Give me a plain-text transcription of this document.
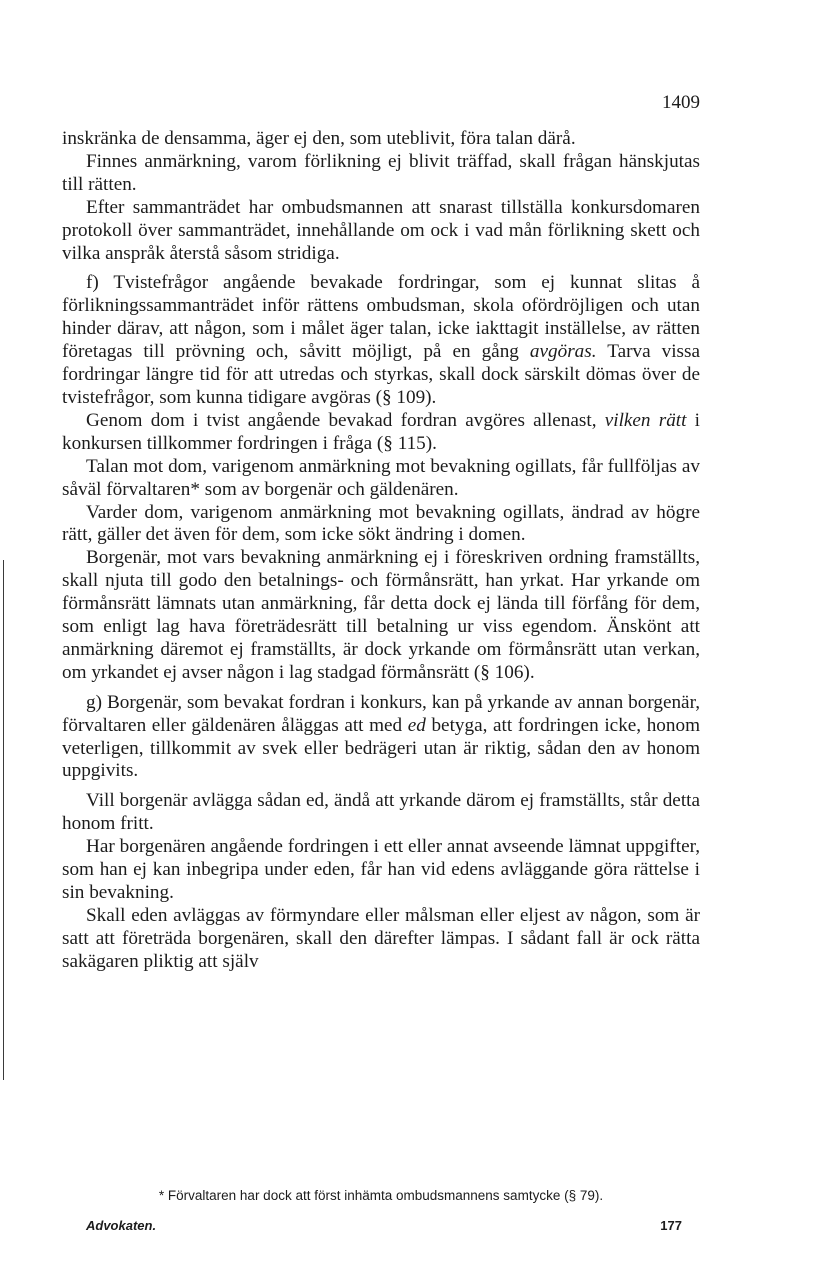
1409

inskränka de densamma, äger ej den, som uteblivit, föra talan därå.

Finnes anmärkning, varom förlikning ej blivit träffad, skall frågan hänskjutas till rätten.

Efter sammanträdet har ombudsmannen att snarast tillställa konkursdomaren protokoll över sammanträdet, innehållande om ock i vad mån förlikning skett och vilka anspråk återstå såsom stridiga.

f) Tvistefrågor angående bevakade fordringar, som ej kunnat slitas å förlikningssammanträdet inför rättens ombudsman, skola ofördröjligen och utan hinder därav, att någon, som i målet äger talan, icke iakttagit inställelse, av rätten företagas till prövning och, såvitt möjligt, på en gång avgöras. Tarva vissa fordringar längre tid för att utredas och styrkas, skall dock särskilt dömas över de tvistefrågor, som kunna tidigare avgöras (§ 109).

Genom dom i tvist angående bevakad fordran avgöres allenast, vilken rätt i konkursen tillkommer fordringen i fråga (§ 115).

Talan mot dom, varigenom anmärkning mot bevakning ogillats, får fullföljas av såväl förvaltaren* som av borgenär och gäldenären.

Varder dom, varigenom anmärkning mot bevakning ogillats, ändrad av högre rätt, gäller det även för dem, som icke sökt ändring i domen.

Borgenär, mot vars bevakning anmärkning ej i föreskriven ordning framställts, skall njuta till godo den betalnings- och förmånsrätt, han yrkat. Har yrkande om förmånsrätt lämnats utan anmärkning, får detta dock ej lända till förfång för dem, som enligt lag hava företrädesrätt till betalning ur viss egendom. Änskönt att anmärkning däremot ej framställts, är dock yrkande om förmånsrätt utan verkan, om yrkandet ej avser någon i lag stadgad förmånsrätt (§ 106).

g) Borgenär, som bevakat fordran i konkurs, kan på yrkande av annan borgenär, förvaltaren eller gäldenären åläggas att med ed betyga, att fordringen icke, honom veterligen, tillkommit av svek eller bedrägeri utan är riktig, sådan den av honom uppgivits.

Vill borgenär avlägga sådan ed, ändå att yrkande därom ej framställts, står detta honom fritt.

Har borgenären angående fordringen i ett eller annat avseende lämnat uppgifter, som han ej kan inbegripa under eden, får han vid edens avläggande göra rättelse i sin bevakning.

Skall eden avläggas av förmyndare eller målsman eller eljest av någon, som är satt att företräda borgenären, skall den därefter lämpas. I sådant fall är ock rätta sakägaren pliktig att själv

* Förvaltaren har dock att först inhämta ombudsmannens samtycke (§ 79).
Advokaten.	177
